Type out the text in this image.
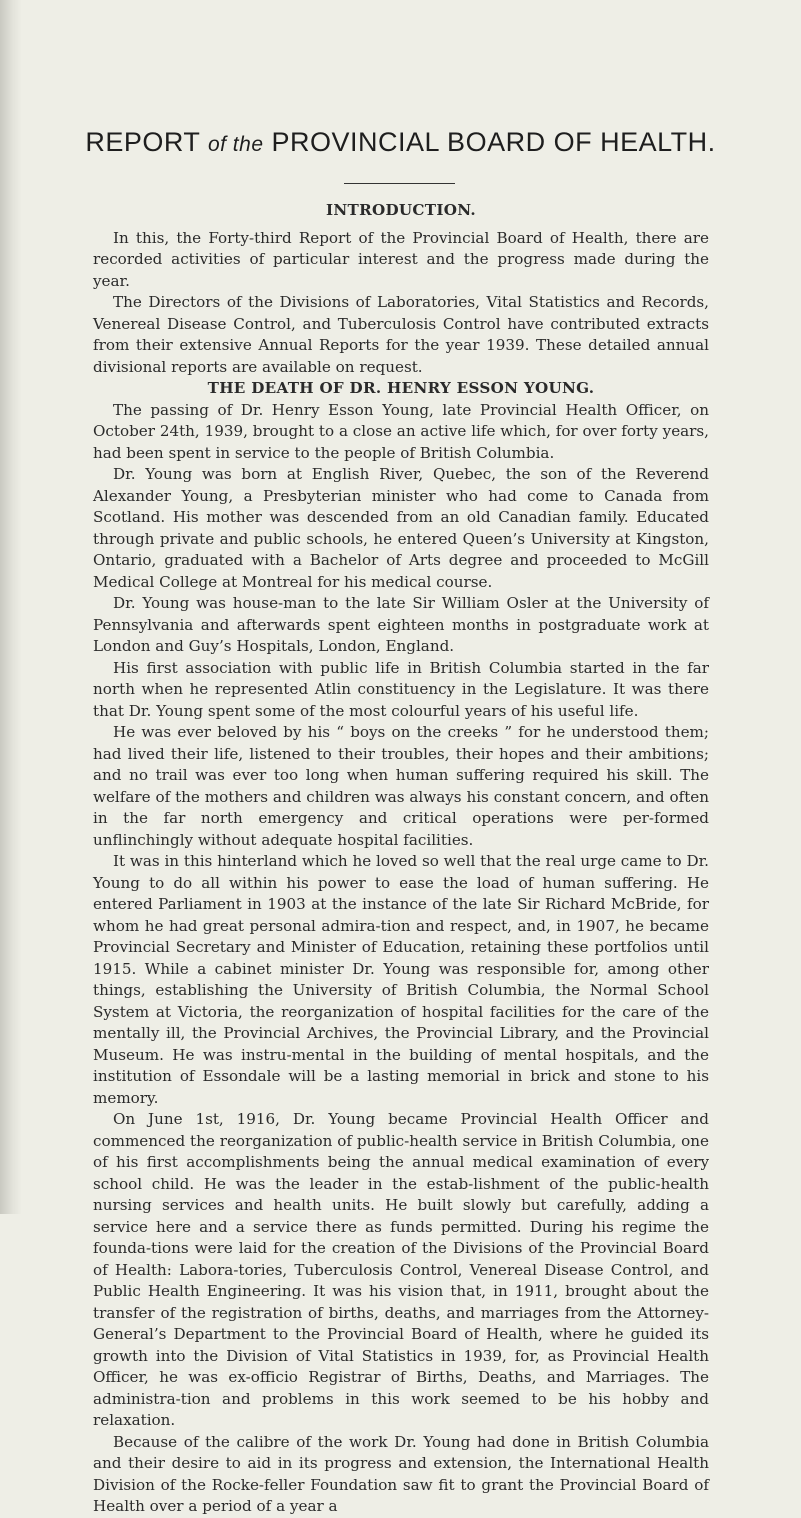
REPORT of the PROVINCIAL BOARD OF HEALTH.
INTRODUCTION.

In this, the Forty-third Report of the Provincial Board of Health, there are recorded activities of particular interest and the progress made during the year.

The Directors of the Divisions of Laboratories, Vital Statistics and Records, Venereal Disease Control, and Tuberculosis Control have contributed extracts from their extensive Annual Reports for the year 1939. These detailed annual divisional reports are available on request.

THE DEATH OF DR. HENRY ESSON YOUNG.

The passing of Dr. Henry Esson Young, late Provincial Health Officer, on October 24th, 1939, brought to a close an active life which, for over forty years, had been spent in service to the people of British Columbia.

Dr. Young was born at English River, Quebec, the son of the Reverend Alexander Young, a Presbyterian minister who had come to Canada from Scotland. His mother was descended from an old Canadian family. Educated through private and public schools, he entered Queen’s University at Kingston, Ontario, graduated with a Bachelor of Arts degree and proceeded to McGill Medical College at Montreal for his medical course.

Dr. Young was house-man to the late Sir William Osler at the University of Pennsylvania and afterwards spent eighteen months in postgraduate work at London and Guy’s Hospitals, London, England.

His first association with public life in British Columbia started in the far north when he represented Atlin constituency in the Legislature. It was there that Dr. Young spent some of the most colourful years of his useful life.

He was ever beloved by his “ boys on the creeks ” for he understood them; had lived their life, listened to their troubles, their hopes and their ambitions; and no trail was ever too long when human suffering required his skill. The welfare of the mothers and children was always his constant concern, and often in the far north emergency and critical operations were per-formed unflinchingly without adequate hospital facilities.

It was in this hinterland which he loved so well that the real urge came to Dr. Young to do all within his power to ease the load of human suffering. He entered Parliament in 1903 at the instance of the late Sir Richard McBride, for whom he had great personal admira-tion and respect, and, in 1907, he became Provincial Secretary and Minister of Education, retaining these portfolios until 1915. While a cabinet minister Dr. Young was responsible for, among other things, establishing the University of British Columbia, the Normal School System at Victoria, the reorganization of hospital facilities for the care of the mentally ill, the Provincial Archives, the Provincial Library, and the Provincial Museum. He was instru-mental in the building of mental hospitals, and the institution of Essondale will be a lasting memorial in brick and stone to his memory.

On June 1st, 1916, Dr. Young became Provincial Health Officer and commenced the reorganization of public-health service in British Columbia, one of his first accomplishments being the annual medical examination of every school child. He was the leader in the estab-lishment of the public-health nursing services and health units. He built slowly but carefully, adding a service here and a service there as funds permitted. During his regime the founda-tions were laid for the creation of the Divisions of the Provincial Board of Health: Labora-tories, Tuberculosis Control, Venereal Disease Control, and Public Health Engineering. It was his vision that, in 1911, brought about the transfer of the registration of births, deaths, and marriages from the Attorney-General’s Department to the Provincial Board of Health, where he guided its growth into the Division of Vital Statistics in 1939, for, as Provincial Health Officer, he was ex-officio Registrar of Births, Deaths, and Marriages. The administra-tion and problems in this work seemed to be his hobby and relaxation.

Because of the calibre of the work Dr. Young had done in British Columbia and their desire to aid in its progress and extension, the International Health Division of the Rocke-feller Foundation saw fit to grant the Provincial Board of Health over a period of a year a
